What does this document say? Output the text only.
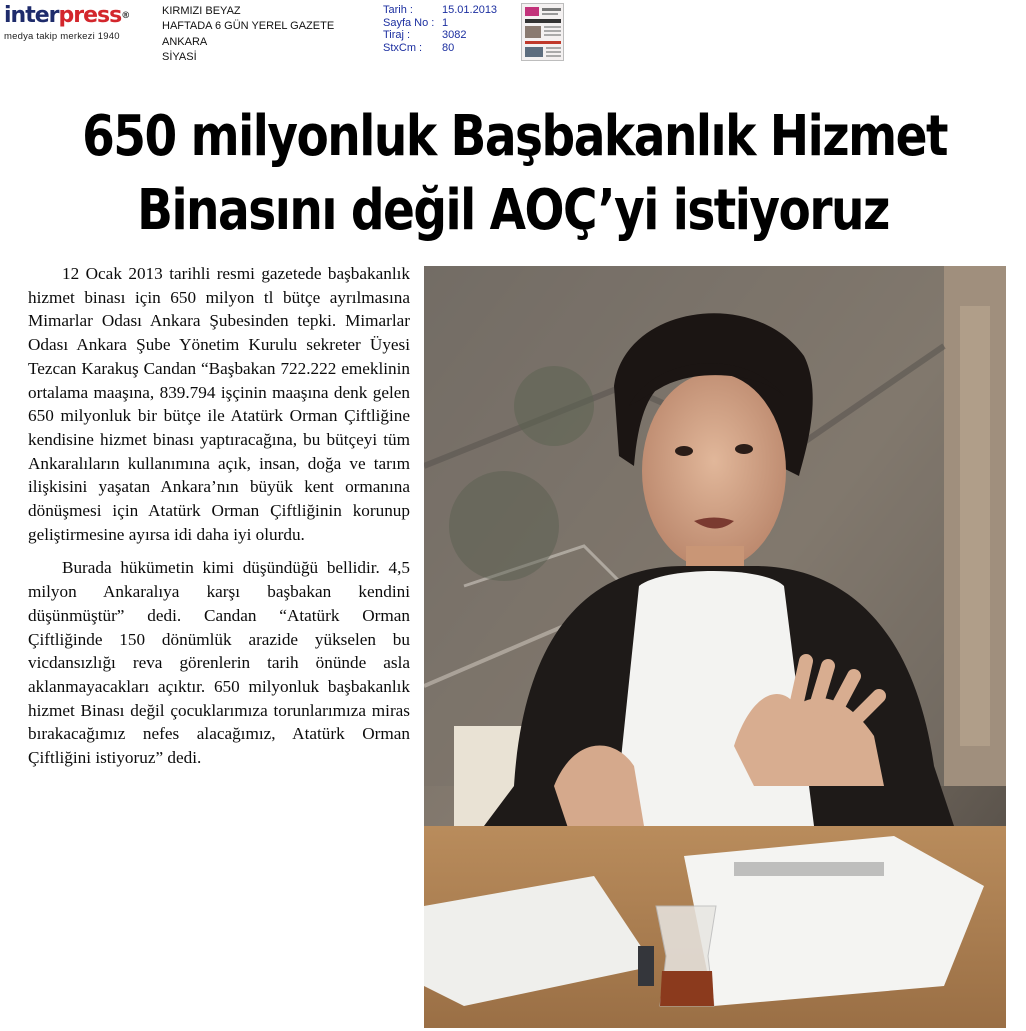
interpress®
medya takip merkezi 1940
KIRMIZI BEYAZ
HAFTADA 6 GÜN YEREL GAZETE
ANKARA
SİYASİ
Tarih :	15.01.2013
Sayfa No : 1
Tiraj :	3082
StxCm :	80
650 milyonluk Başbakanlık Hizmet
Binasını değil AOÇ’yi istiyoruz

12 Ocak 2013 tarihli resmi gazetede başbakanlık hizmet binası için 650 milyon tl bütçe ayrılmasına Mimarlar Odası Ankara Şubesinden tepki. Mimarlar Odası Ankara Şube Yönetim Kurulu sekreter Üyesi Tezcan Karakuş Candan “Başbakan 722.222 emeklinin ortalama maaşına, 839.794 işçinin maaşına denk gelen 650 milyonluk bir bütçe ile Atatürk Orman Çiftliğine kendisine hizmet binası yaptıracağına, bu bütçeyi tüm Ankaralıların kullanımına açık, insan, doğa ve tarım ilişkisini yaşatan Ankara’nın büyük kent ormanına dönüşmesi için Atatürk Orman Çiftliğinin korunup geliştirmesine ayırsa idi daha iyi olurdu.

Burada hükümetin kimi düşündüğü bellidir. 4,5 milyon Ankaralıya karşı başbakan kendini düşünmüştür” dedi. Candan “Atatürk Orman Çiftliğinde 150 dönümlük arazide yükselen bu vicdansızlığı reva görenlerin tarih önünde asla aklanmayacakları açıktır. 650 milyonluk başbakanlık hizmet Binası değil çocuklarımıza torunlarımıza miras bırakacağımız nefes alacağımız, Atatürk Orman Çiftliğini istiyoruz” dedi.
